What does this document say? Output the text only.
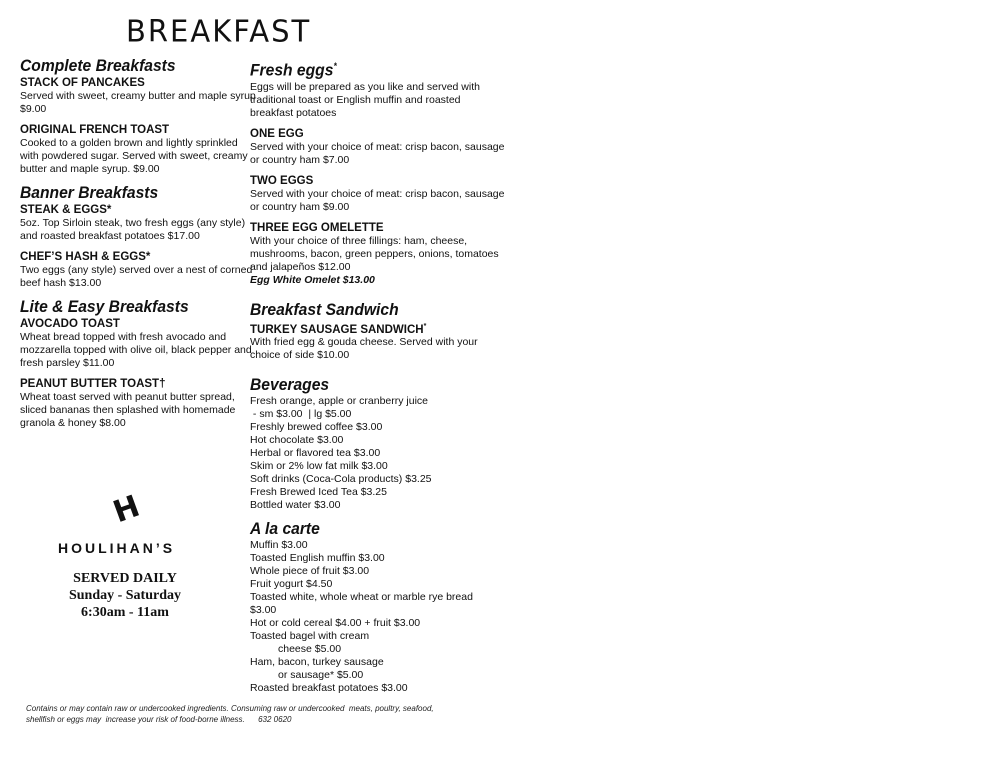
BREAKFAST
Complete Breakfasts
STACK OF PANCAKES
Served with sweet, creamy butter and maple syrup
$9.00
ORIGINAL FRENCH TOAST
Cooked to a golden brown and lightly sprinkled
with powdered sugar. Served with sweet, creamy
butter and maple syrup. $9.00
Banner Breakfasts
STEAK & EGGS*
5oz. Top Sirloin steak, two fresh eggs (any style)
and roasted breakfast potatoes $17.00
CHEF’S HASH & EGGS*
Two eggs (any style) served over a nest of corned
beef hash $13.00
Lite & Easy Breakfasts
AVOCADO TOAST
Wheat bread topped with fresh avocado and
mozzarella topped with olive oil, black pepper and
fresh parsley $11.00
PEANUT BUTTER TOAST†
Wheat toast served with peanut butter spread,
sliced bananas then splashed with homemade
granola & honey $8.00
H
HOULIHAN’S
SERVED DAILY
Sunday - Saturday
6:30am - 11am
Fresh eggs*
Eggs will be prepared as you like and served with
traditional toast or English muffin and roasted
breakfast potatoes
ONE EGG
Served with your choice of meat: crisp bacon, sausage
or country ham $7.00
TWO EGGS
Served with your choice of meat: crisp bacon, sausage
or country ham $9.00
THREE EGG OMELETTE
With your choice of three fillings: ham, cheese,
mushrooms, bacon, green peppers, onions, tomatoes
and jalapeños $12.00
Egg White Omelet $13.00
Breakfast Sandwich
TURKEY SAUSAGE SANDWICH*
With fried egg & gouda cheese. Served with your
choice of side $10.00
Beverages
Fresh orange, apple or cranberry juice
- sm $3.00  | lg $5.00
Freshly brewed coffee $3.00
Hot chocolate $3.00
Herbal or flavored tea $3.00
Skim or 2% low fat milk $3.00
Soft drinks (Coca-Cola products) $3.25
Fresh Brewed Iced Tea $3.25
Bottled water $3.00
A la carte
Muffin $3.00
Toasted English muffin $3.00
Whole piece of fruit $3.00
Fruit yogurt $4.50
Toasted white, whole wheat or marble rye bread
$3.00
Hot or cold cereal $4.00 + fruit $3.00
Toasted bagel with cream
cheese $5.00
Ham, bacon, turkey sausage
or sausage* $5.00
Roasted breakfast potatoes $3.00
Contains or may contain raw or undercooked ingredients. Consuming raw or undercooked  meats, poultry, seafood,
shellfish or eggs may  increase your risk of food-borne illness.      632 0620
